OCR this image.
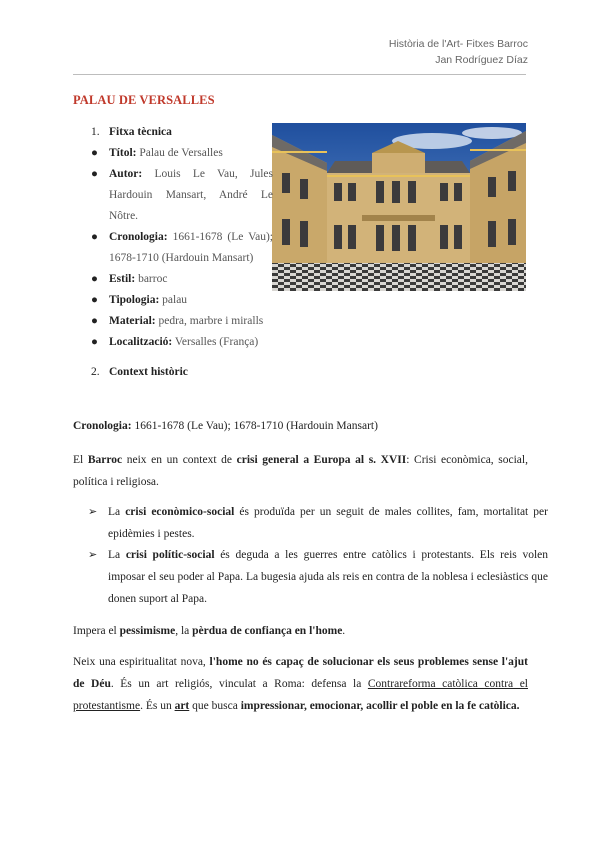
Història de l'Art- Fitxes Barroc
Jan Rodríguez Díaz
PALAU DE VERSALLES
1. Fitxa tècnica
● Títol: Palau de Versalles
● Autor: Louis Le Vau, Jules Hardouin Mansart, André Le Nôtre.
● Cronologia: 1661-1678 (Le Vau); 1678-1710 (Hardouin Mansart)
● Estil: barroc
● Tipologia: palau
● Material: pedra, marbre i miralls
● Localització: Versalles (França)
2. Context històric
Cronologia: 1661-1678 (Le Vau); 1678-1710 (Hardouin Mansart)
El Barroc neix en un context de crisi general a Europa al s. XVII: Crisi econòmica, social, política i religiosa.
➢ La crisi econòmico-social és produïda per un seguit de males collites, fam, mortalitat per epidèmies i pestes.
➢ La crisi polític-social és deguda a les guerres entre catòlics i protestants. Els reis volen imposar el seu poder al Papa. La bugesia ajuda als reis en contra de la noblesa i eclesiàstics que donen suport al Papa.
Impera el pessimisme, la pèrdua de confiança en l'home.
Neix una espiritualitat nova, l'home no és capaç de solucionar els seus problemes sense l'ajut de Déu. És un art religiós, vinculat a Roma: defensa la Contrareforma catòlica contra el protestantisme. És un art que busca impressionar, emocionar, acollir el poble en la fe catòlica.
